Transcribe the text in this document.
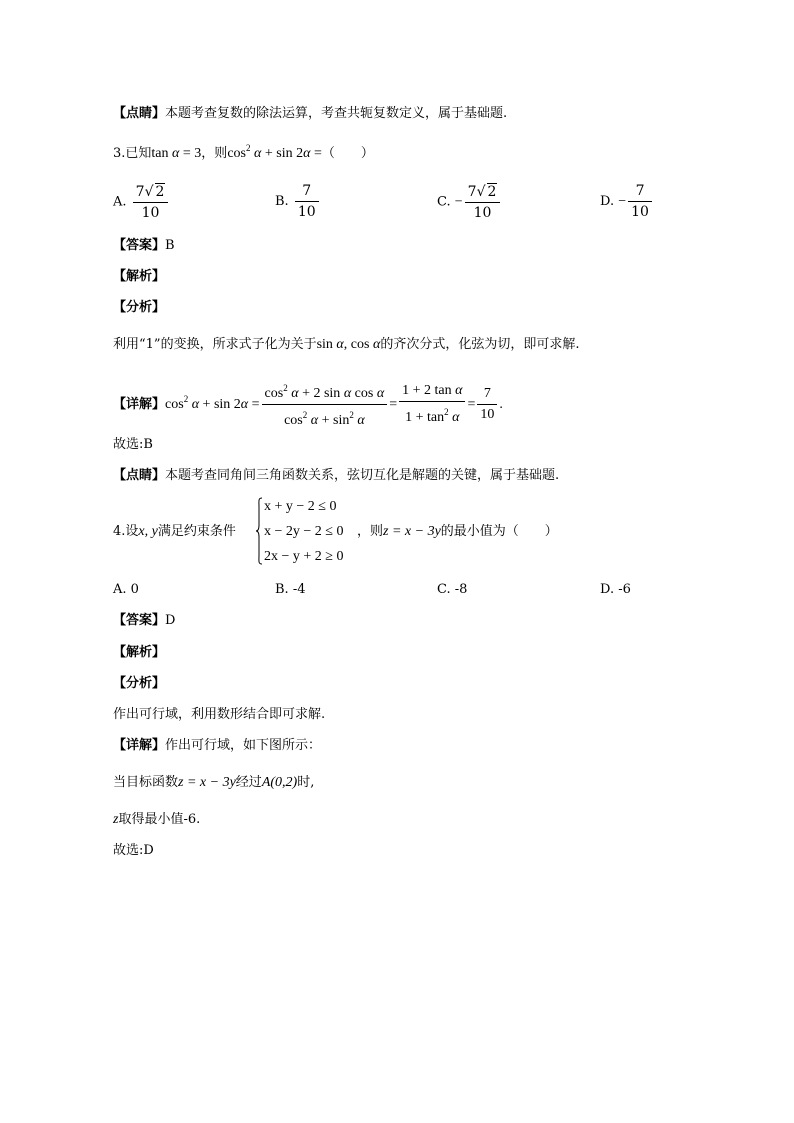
【点睛】本题考查复数的除法运算，考查共轭复数定义，属于基础题.
3.已知tan α = 3，则$\cos^2 \alpha + \sin 2\alpha$ =（　　）
A. $\frac{7√ 2}{10}$	B. $\frac{7}{10}$	C. − $\frac{7√ 2}{10}$	D. − $\frac{7}{10}$
【答案】B
【解析】
【分析】
利用“1”的变换，所求式子化为关于sin α, cos α的齐次分式，化弦为切，即可求解.
【详解】$\cos^2 \alpha + \sin 2\alpha = \frac{\cos^2 \alpha + 2 \sin \alpha \cos \alpha}{\cos^2 \alpha + \sin^2 \alpha} = \frac{\text{1 + 2 tan α}}{1 + \tan^2 \alpha} = \frac{7}{10}$ .
故选:B
【点睛】本题考查同角间三角函数关系，弦切互化是解题的关键，属于基础题.
x + y − 2 ≤ 0
x − 2y − 2 ≤ 0
2x − y + 2 ≥ 0
4.设x, y满足约束条件	，则z = x − 3y的最小值为（　　）
A. 0	B. -4	C. -8	D. -6
【答案】D
【解析】
【分析】
作出可行域，利用数形结合即可求解.
【详解】作出可行域，如下图所示：
当目标函数z = x − 3y经过A(0,2)时,
z取得最小值-6.
故选:D
